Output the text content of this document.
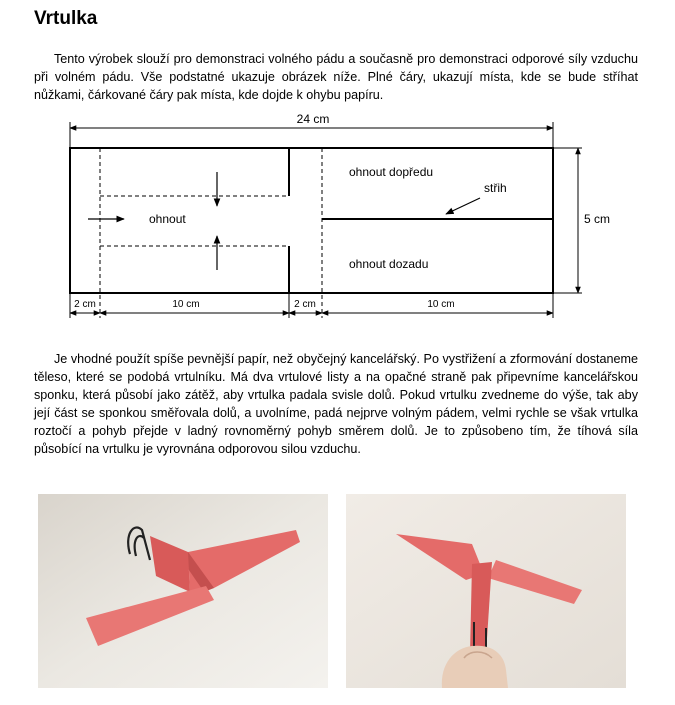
Vrtulka

Tento výrobek slouží pro demonstraci volného pádu a současně pro demonstraci odporové síly vzduchu při volném pádu. Vše podstatné ukazuje obrázek níže. Plné čáry, ukazují místa, kde se bude stříhat nůžkami, čárkované čáry pak místa, kde dojde k ohybu papíru.

24 cm
ohnout
ohnout dopředu
střih
ohnout dozadu
5 cm
2 cm	10 cm	2 cm	10 cm

Je vhodné použít spíše pevnější papír, než obyčejný kancelářský. Po vystřižení a zformování dostaneme těleso, které se podobá vrtulníku. Má dva vrtulové listy a na opačné straně pak připevníme kancelářskou sponku, která působí jako zátěž, aby vrtulka padala svisle dolů. Pokud vrtulku zvedneme do výše, tak aby její část se sponkou směřovala dolů, a uvolníme, padá nejprve volným pádem, velmi rychle se však vrtulka roztočí a pohyb přejde v ladný rovnoměrný pohyb směrem dolů. Je to způsobeno tím, že tíhová síla působící na vrtulku je vyrovnána odporovou silou vzduchu.
